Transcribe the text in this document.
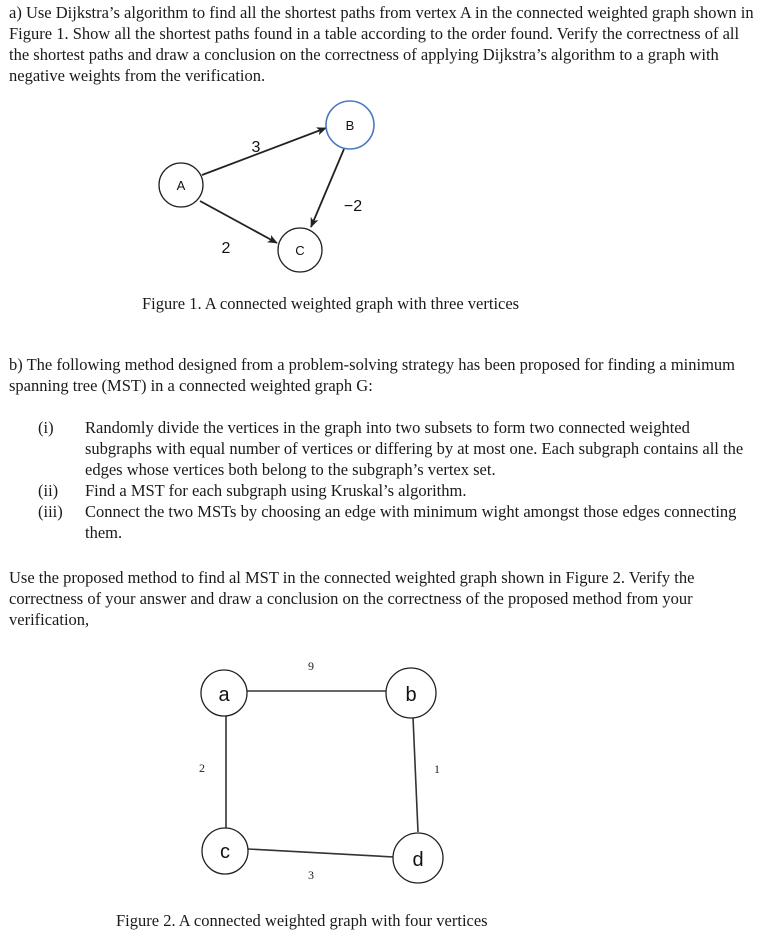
a) Use Dijkstra’s algorithm to find all the shortest paths from vertex A in the connected weighted graph shown in Figure 1. Show all the shortest paths found in a table according to the order found. Verify the correctness of all the shortest paths and draw a conclusion on the correctness of applying Dijkstra’s algorithm to a graph with negative weights from the verification.

3
2
−2
A
B
C
Figure 1. A connected weighted graph with three vertices

b) The following method designed from a problem-solving strategy has been proposed for finding a minimum spanning tree (MST) in a connected weighted graph G:

(i) Randomly divide the vertices in the graph into two subsets to form two connected weighted subgraphs with equal number of vertices or differing by at most one. Each subgraph contains all the edges whose vertices both belong to the subgraph’s vertex set.
(ii) Find a MST for each subgraph using Kruskal’s algorithm.
(iii) Connect the two MSTs by choosing an edge with minimum wight amongst those edges connecting them.

Use the proposed method to find al MST in the connected weighted graph shown in Figure 2. Verify the correctness of your answer and draw a conclusion on the correctness of the proposed method from your verification,

9
2	1
3
a	b
c	d
Figure 2. A connected weighted graph with four vertices
